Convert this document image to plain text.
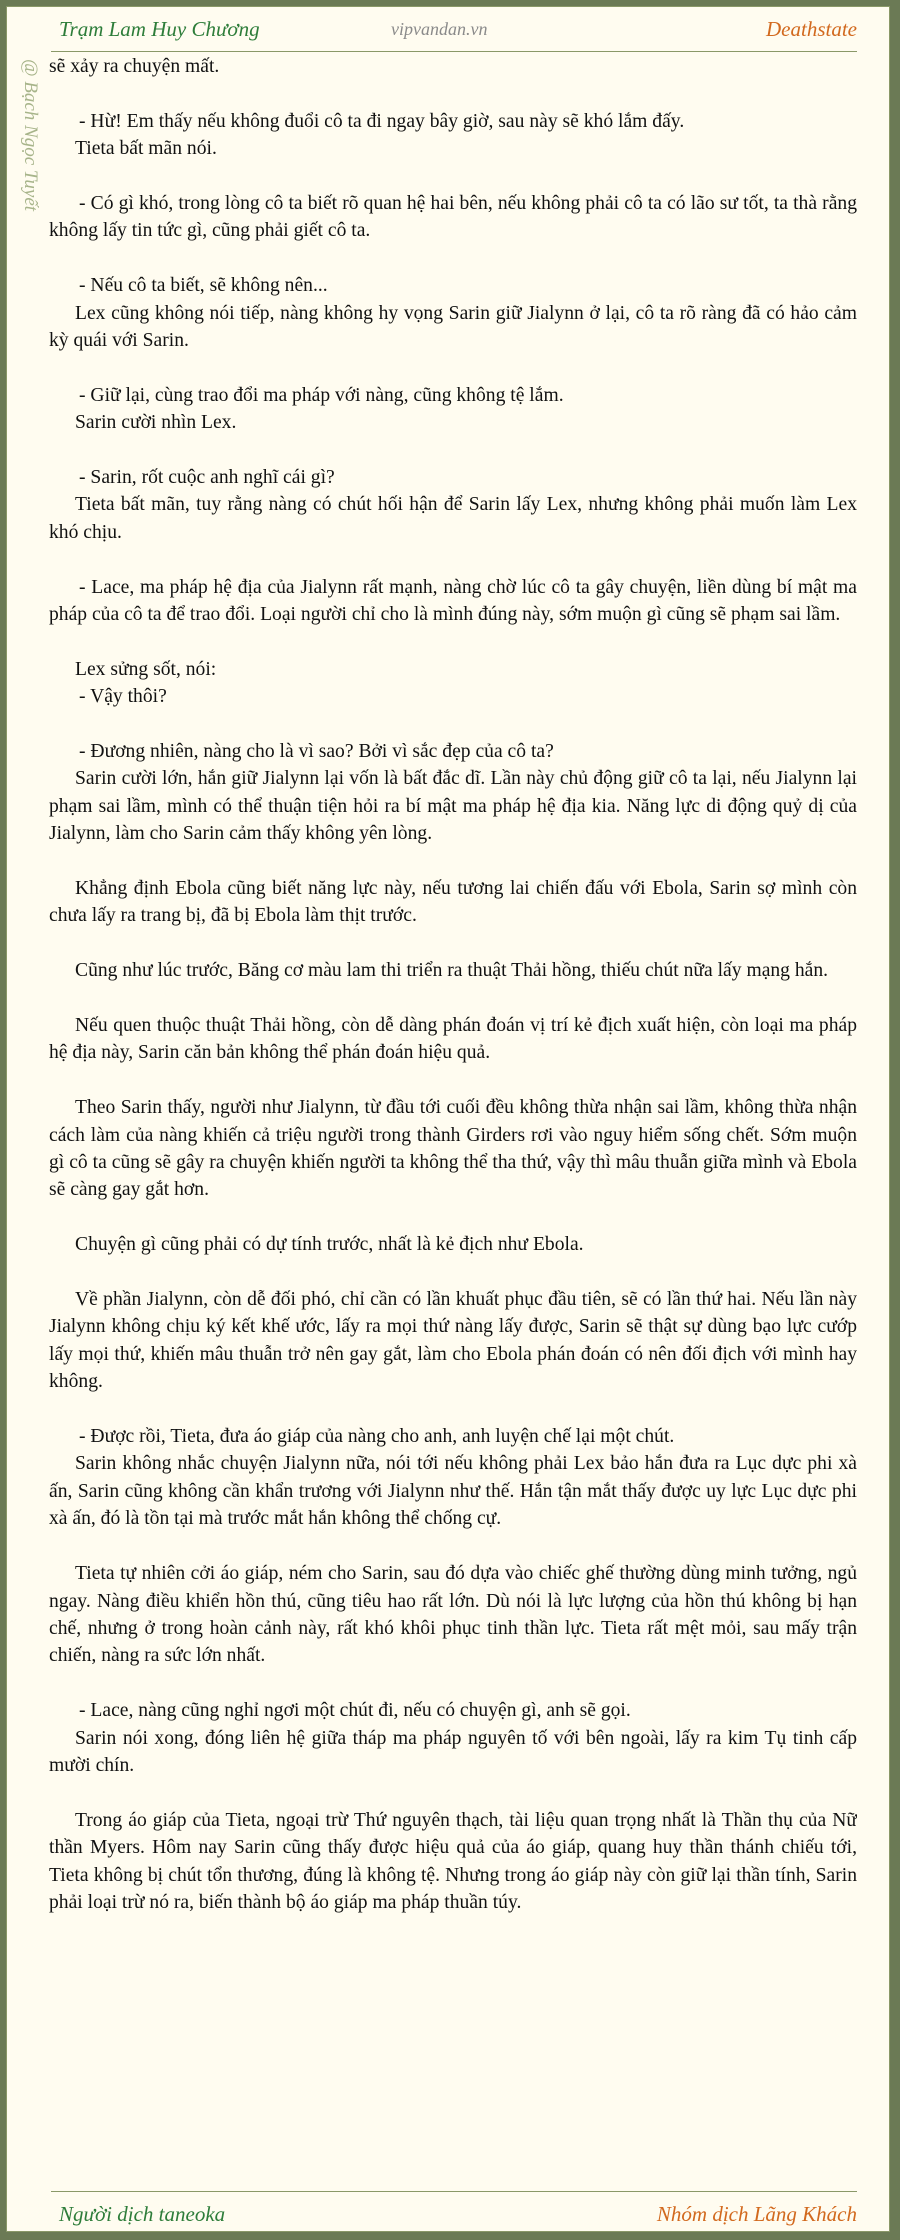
Trạm Lam Huy Chương	vipvandan.vn	Deathstate
@ Bạch Ngọc Tuyết sẽ xảy ra chuyện mất.

- Hừ! Em thấy nếu không đuổi cô ta đi ngay bây giờ, sau này sẽ khó lắm đấy.

Tieta bất mãn nói.

- Có gì khó, trong lòng cô ta biết rõ quan hệ hai bên, nếu không phải cô ta có lão sư tốt, ta thà rằng không lấy tin tức gì, cũng phải giết cô ta.

- Nếu cô ta biết, sẽ không nên...

Lex cũng không nói tiếp, nàng không hy vọng Sarin giữ Jialynn ở lại, cô ta rõ ràng đã có hảo cảm kỳ quái với Sarin.

- Giữ lại, cùng trao đổi ma pháp với nàng, cũng không tệ lắm.

Sarin cười nhìn Lex.

- Sarin, rốt cuộc anh nghĩ cái gì?

Tieta bất mãn, tuy rằng nàng có chút hối hận để Sarin lấy Lex, nhưng không phải muốn làm Lex khó chịu.

- Lace, ma pháp hệ địa của Jialynn rất mạnh, nàng chờ lúc cô ta gây chuyện, liền dùng bí mật ma pháp của cô ta để trao đổi. Loại người chỉ cho là mình đúng này, sớm muộn gì cũng sẽ phạm sai lầm.

Lex sửng sốt, nói:

- Vậy thôi?

- Đương nhiên, nàng cho là vì sao? Bởi vì sắc đẹp của cô ta?

Sarin cười lớn, hắn giữ Jialynn lại vốn là bất đắc dĩ. Lần này chủ động giữ cô ta lại, nếu Jialynn lại phạm sai lầm, mình có thể thuận tiện hỏi ra bí mật ma pháp hệ địa kia. Năng lực di động quỷ dị của Jialynn, làm cho Sarin cảm thấy không yên lòng.

Khẳng định Ebola cũng biết năng lực này, nếu tương lai chiến đấu với Ebola, Sarin sợ mình còn chưa lấy ra trang bị, đã bị Ebola làm thịt trước.

Cũng như lúc trước, Băng cơ màu lam thi triển ra thuật Thải hồng, thiếu chút nữa lấy mạng hắn.

Nếu quen thuộc thuật Thải hồng, còn dễ dàng phán đoán vị trí kẻ địch xuất hiện, còn loại ma pháp hệ địa này, Sarin căn bản không thể phán đoán hiệu quả.

Theo Sarin thấy, người như Jialynn, từ đầu tới cuối đều không thừa nhận sai lầm, không thừa nhận cách làm của nàng khiến cả triệu người trong thành Girders rơi vào nguy hiểm sống chết. Sớm muộn gì cô ta cũng sẽ gây ra chuyện khiến người ta không thể tha thứ, vậy thì mâu thuẫn giữa mình và Ebola sẽ càng gay gắt hơn.

Chuyện gì cũng phải có dự tính trước, nhất là kẻ địch như Ebola.

Về phần Jialynn, còn dễ đối phó, chỉ cần có lần khuất phục đầu tiên, sẽ có lần thứ hai. Nếu lần này Jialynn không chịu ký kết khế ước, lấy ra mọi thứ nàng lấy được, Sarin sẽ thật sự dùng bạo lực cướp lấy mọi thứ, khiến mâu thuẫn trở nên gay gắt, làm cho Ebola phán đoán có nên đối địch với mình hay không.

- Được rồi, Tieta, đưa áo giáp của nàng cho anh, anh luyện chế lại một chút.

Sarin không nhắc chuyện Jialynn nữa, nói tới nếu không phải Lex bảo hắn đưa ra Lục dực phi xà ấn, Sarin cũng không cần khẩn trương với Jialynn như thế. Hắn tận mắt thấy được uy lực Lục dực phi xà ấn, đó là tồn tại mà trước mắt hắn không thể chống cự.

Tieta tự nhiên cởi áo giáp, ném cho Sarin, sau đó dựa vào chiếc ghế thường dùng minh tưởng, ngủ ngay. Nàng điều khiển hồn thú, cũng tiêu hao rất lớn. Dù nói là lực lượng của hồn thú không bị hạn chế, nhưng ở trong hoàn cảnh này, rất khó khôi phục tinh thần lực. Tieta rất mệt mỏi, sau mấy trận chiến, nàng ra sức lớn nhất.

- Lace, nàng cũng nghỉ ngơi một chút đi, nếu có chuyện gì, anh sẽ gọi.

Sarin nói xong, đóng liên hệ giữa tháp ma pháp nguyên tố với bên ngoài, lấy ra kim Tụ tinh cấp mười chín.

Trong áo giáp của Tieta, ngoại trừ Thứ nguyên thạch, tài liệu quan trọng nhất là Thần thụ của Nữ thần Myers. Hôm nay Sarin cũng thấy được hiệu quả của áo giáp, quang huy thần thánh chiếu tới, Tieta không bị chút tổn thương, đúng là không tệ. Nhưng trong áo giáp này còn giữ lại thần tính, Sarin phải loại trừ nó ra, biến thành bộ áo giáp ma pháp thuần túy.

Người dịch taneoka	Nhóm dịch Lãng Khách
